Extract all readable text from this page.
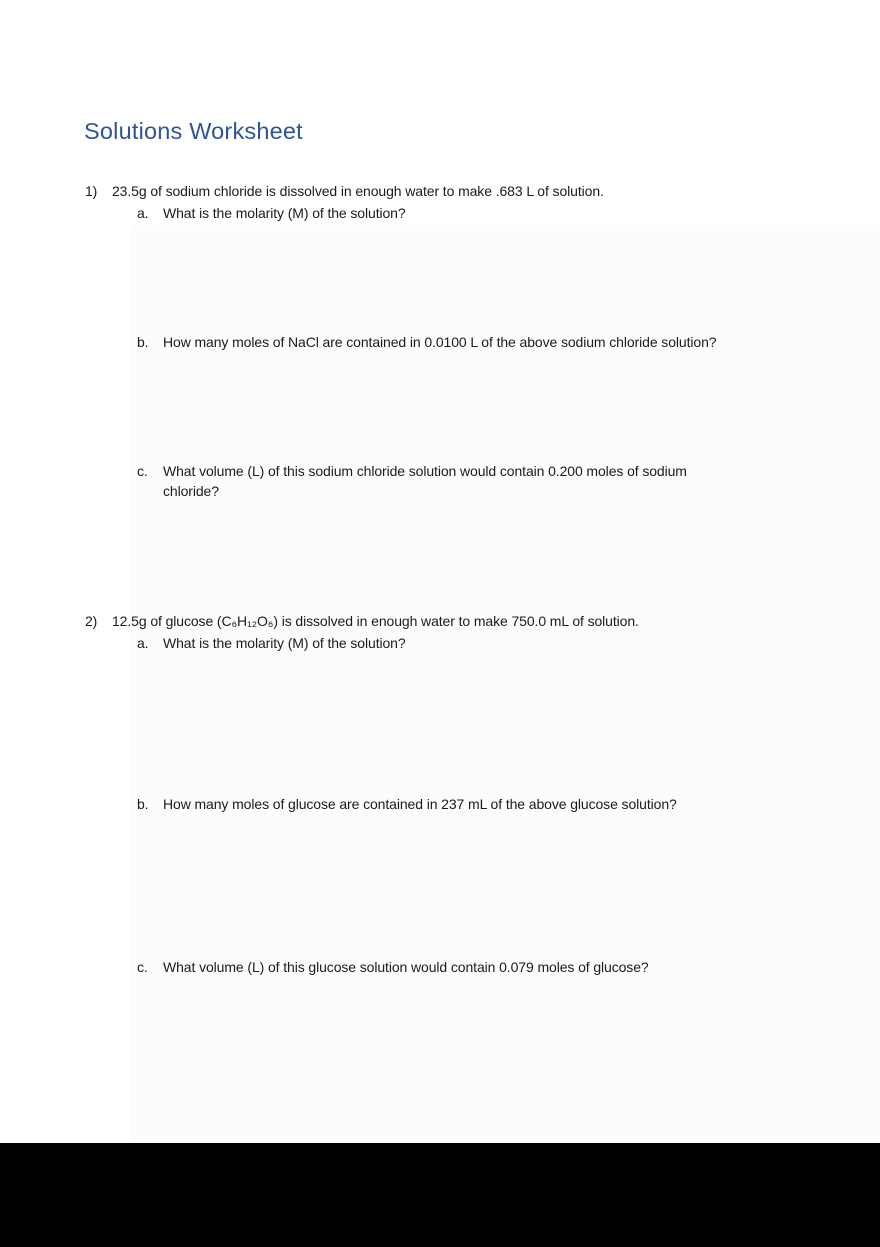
Solutions Worksheet
1) 23.5g of sodium chloride is dissolved in enough water to make .683 L of solution.
a. What is the molarity (M) of the solution?
b. How many moles of NaCl are contained in 0.0100 L of the above sodium chloride solution?
c. What volume (L) of this sodium chloride solution would contain 0.200 moles of sodium chloride?
2) 12.5g of glucose (C₆H₁₂O₆) is dissolved in enough water to make 750.0 mL of solution.
a. What is the molarity (M) of the solution?
b. How many moles of glucose are contained in 237 mL of the above glucose solution?
c. What volume (L) of this glucose solution would contain 0.079 moles of glucose?
